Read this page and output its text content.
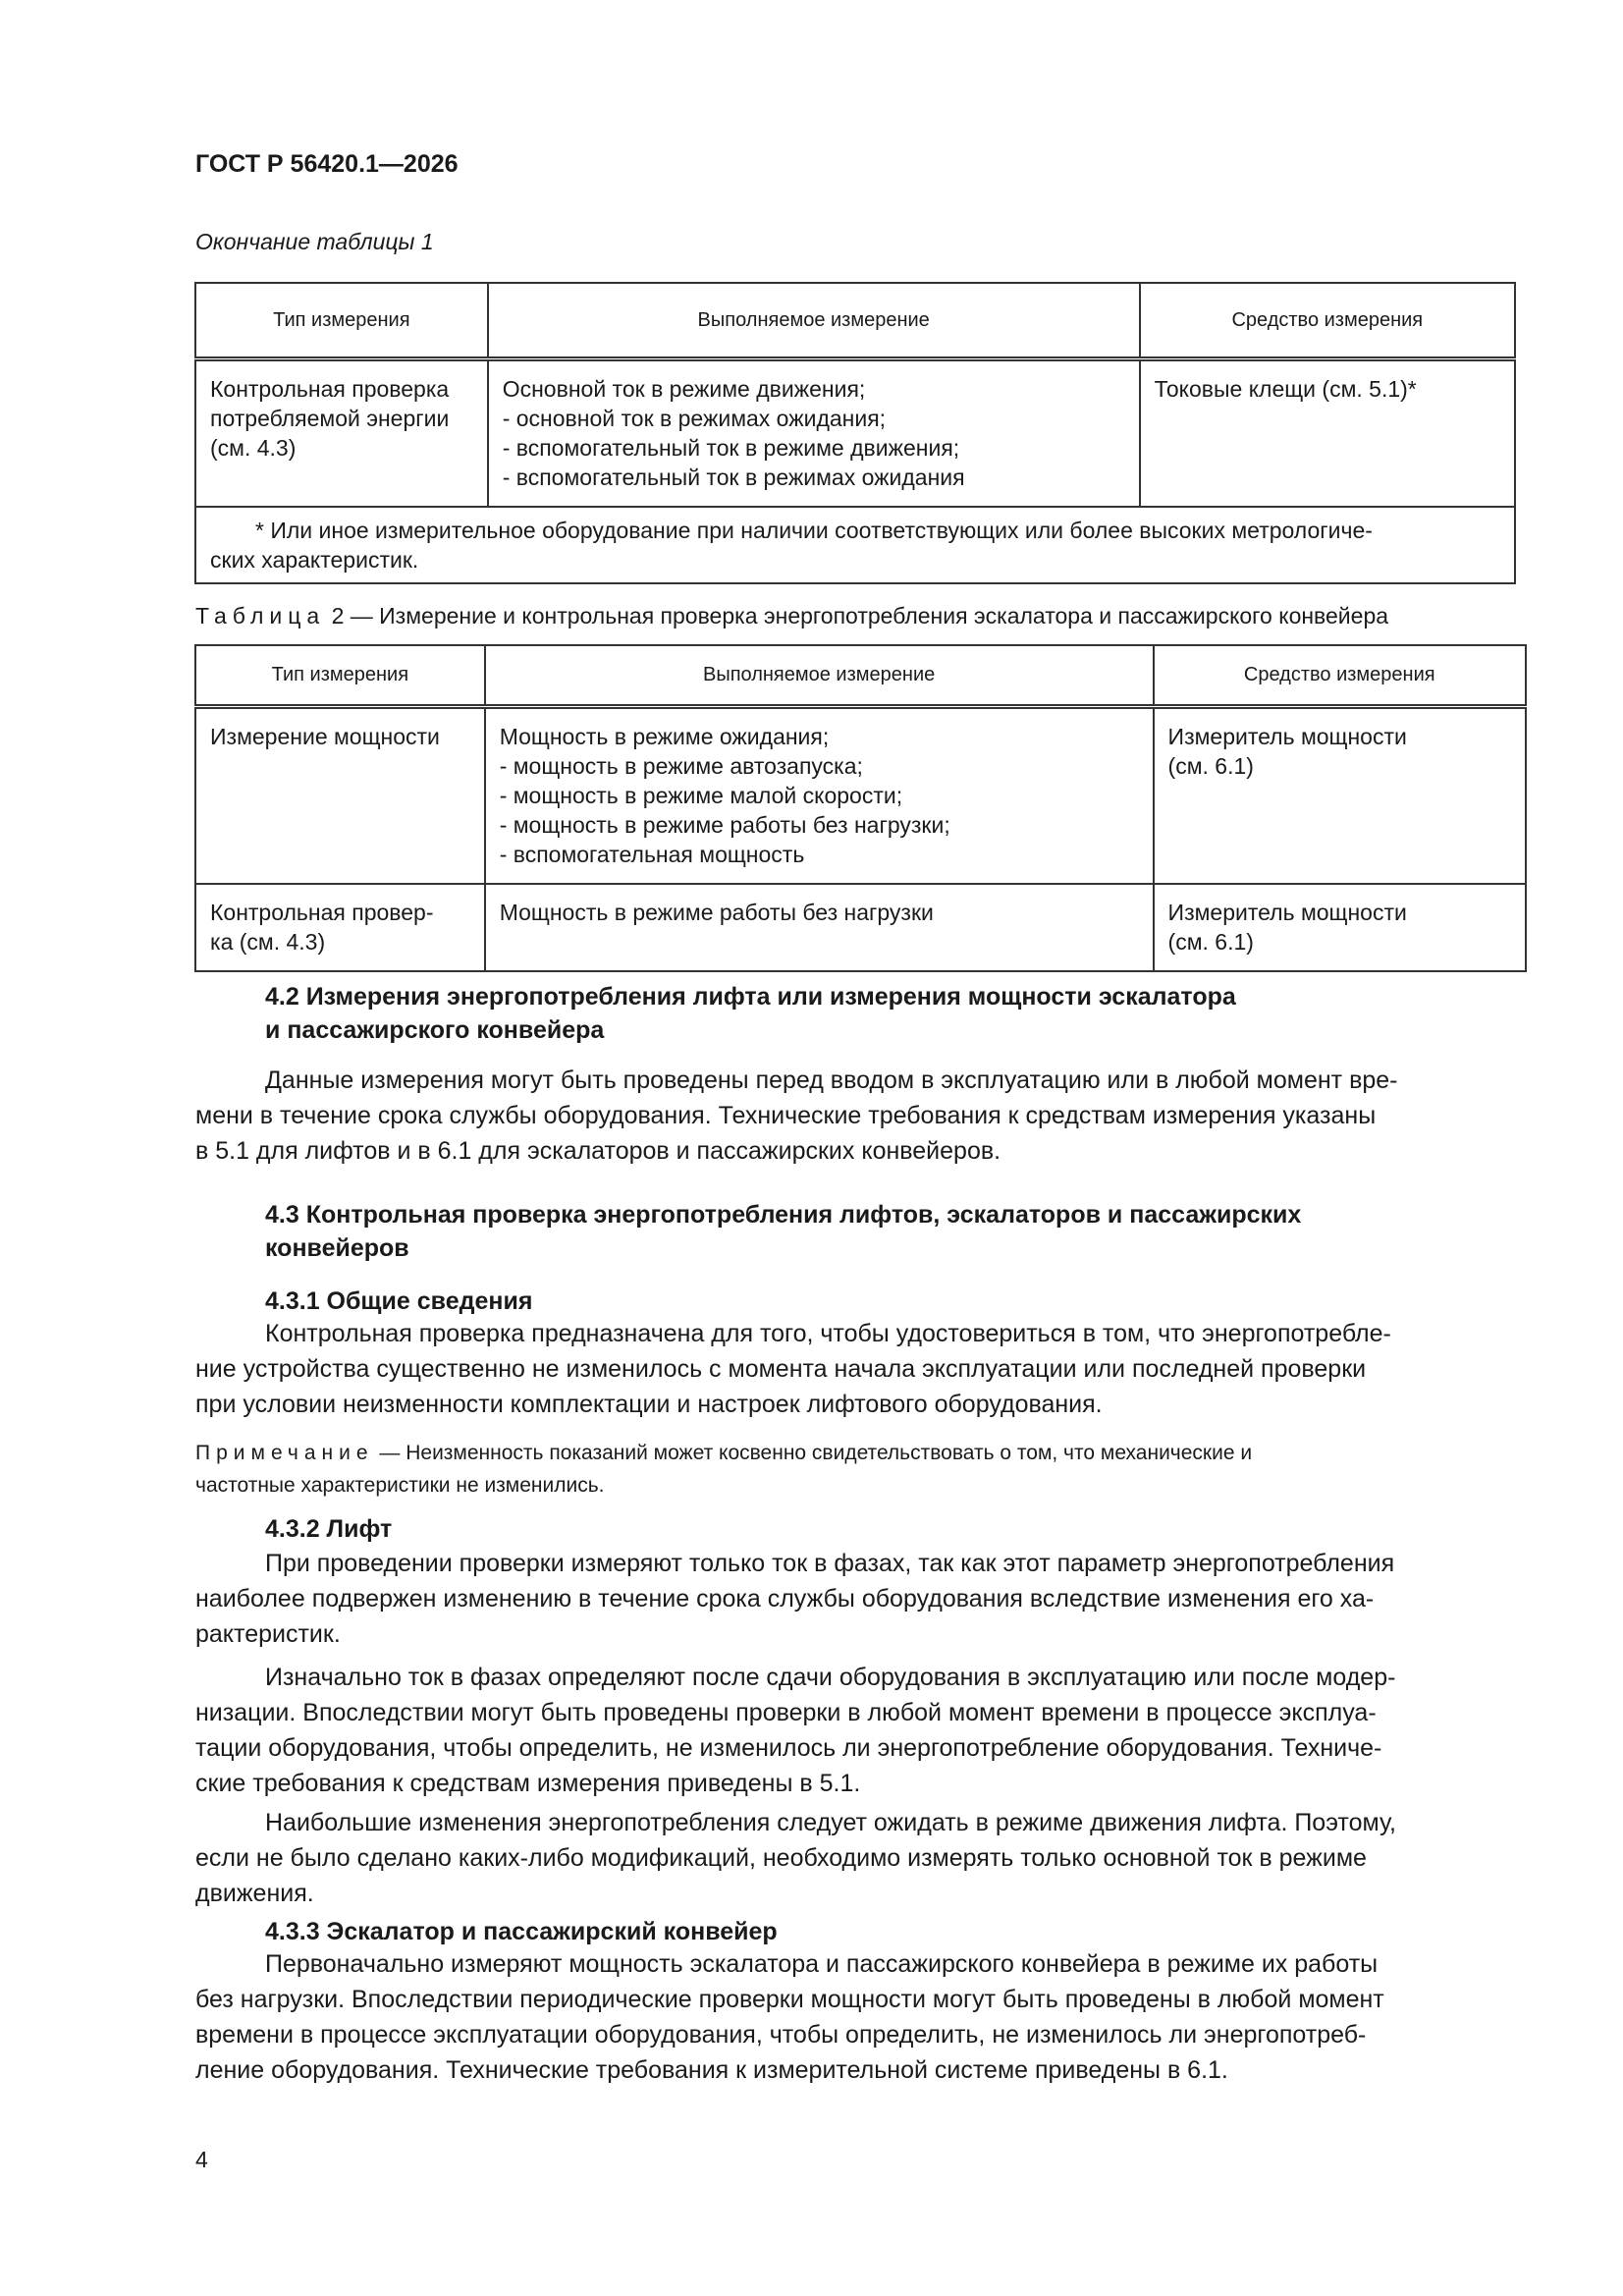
ГОСТ Р 56420.1—2026
Окончание таблицы 1
Тип измерения	Выполняемое измерение	Средство измерения

Контрольная проверка
потребляемой энергии
(см. 4.3)	Основной ток в режиме движения;
- основной ток в режимах ожидания;
- вспомогательный ток в режиме движения;
- вспомогательный ток в режимах ожидания	Токовые клещи (см. 5.1)*

* Или иное измерительное оборудование при наличии соответствующих или более высоких метрологиче-
ских характеристик.		
Таблица 2 — Измерение и контрольная проверка энергопотребления эскалатора и пассажирского конвейера
Тип измерения	Выполняемое измерение	Средство измерения

Измерение мощности	Мощность в режиме ожидания;
- мощность в режиме автозапуска;
- мощность в режиме малой скорости;
- мощность в режиме работы без нагрузки;
- вспомогательная мощность	Измеритель мощности
(см. 6.1)

Контрольная провер-
ка (см. 4.3)	Мощность в режиме работы без нагрузки	Измеритель мощности
(см. 6.1)
4.2 Измерения энергопотребления лифта или измерения мощности эскалатора
и пассажирского конвейера
Данные измерения могут быть проведены перед вводом в эксплуатацию или в любой момент вре-
мени в течение срока службы оборудования. Технические требования к средствам измерения указаны
в 5.1 для лифтов и в 6.1 для эскалаторов и пассажирских конвейеров.
4.3 Контрольная проверка энергопотребления лифтов, эскалаторов и пассажирских
конвейеров
4.3.1 Общие сведения
Контрольная проверка предназначена для того, чтобы удостовериться в том, что энергопотребле-
ние устройства существенно не изменилось с момента начала эксплуатации или последней проверки
при условии неизменности комплектации и настроек лифтового оборудования.
Примечание — Неизменность показаний может косвенно свидетельствовать о том, что механические и
частотные характеристики не изменились.
4.3.2 Лифт
При проведении проверки измеряют только ток в фазах, так как этот параметр энергопотребления
наиболее подвержен изменению в течение срока службы оборудования вследствие изменения его ха-
рактеристик.
Изначально ток в фазах определяют после сдачи оборудования в эксплуатацию или после модер-
низации. Впоследствии могут быть проведены проверки в любой момент времени в процессе эксплуа-
тации оборудования, чтобы определить, не изменилось ли энергопотребление оборудования. Техниче-
ские требования к средствам измерения приведены в 5.1.
Наибольшие изменения энергопотребления следует ожидать в режиме движения лифта. Поэтому,
если не было сделано каких-либо модификаций, необходимо измерять только основной ток в режиме
движения.
4.3.3 Эскалатор и пассажирский конвейер
Первоначально измеряют мощность эскалатора и пассажирского конвейера в режиме их работы
без нагрузки. Впоследствии периодические проверки мощности могут быть проведены в любой момент
времени в процессе эксплуатации оборудования, чтобы определить, не изменилось ли энергопотреб-
ление оборудования. Технические требования к измерительной системе приведены в 6.1.
4
